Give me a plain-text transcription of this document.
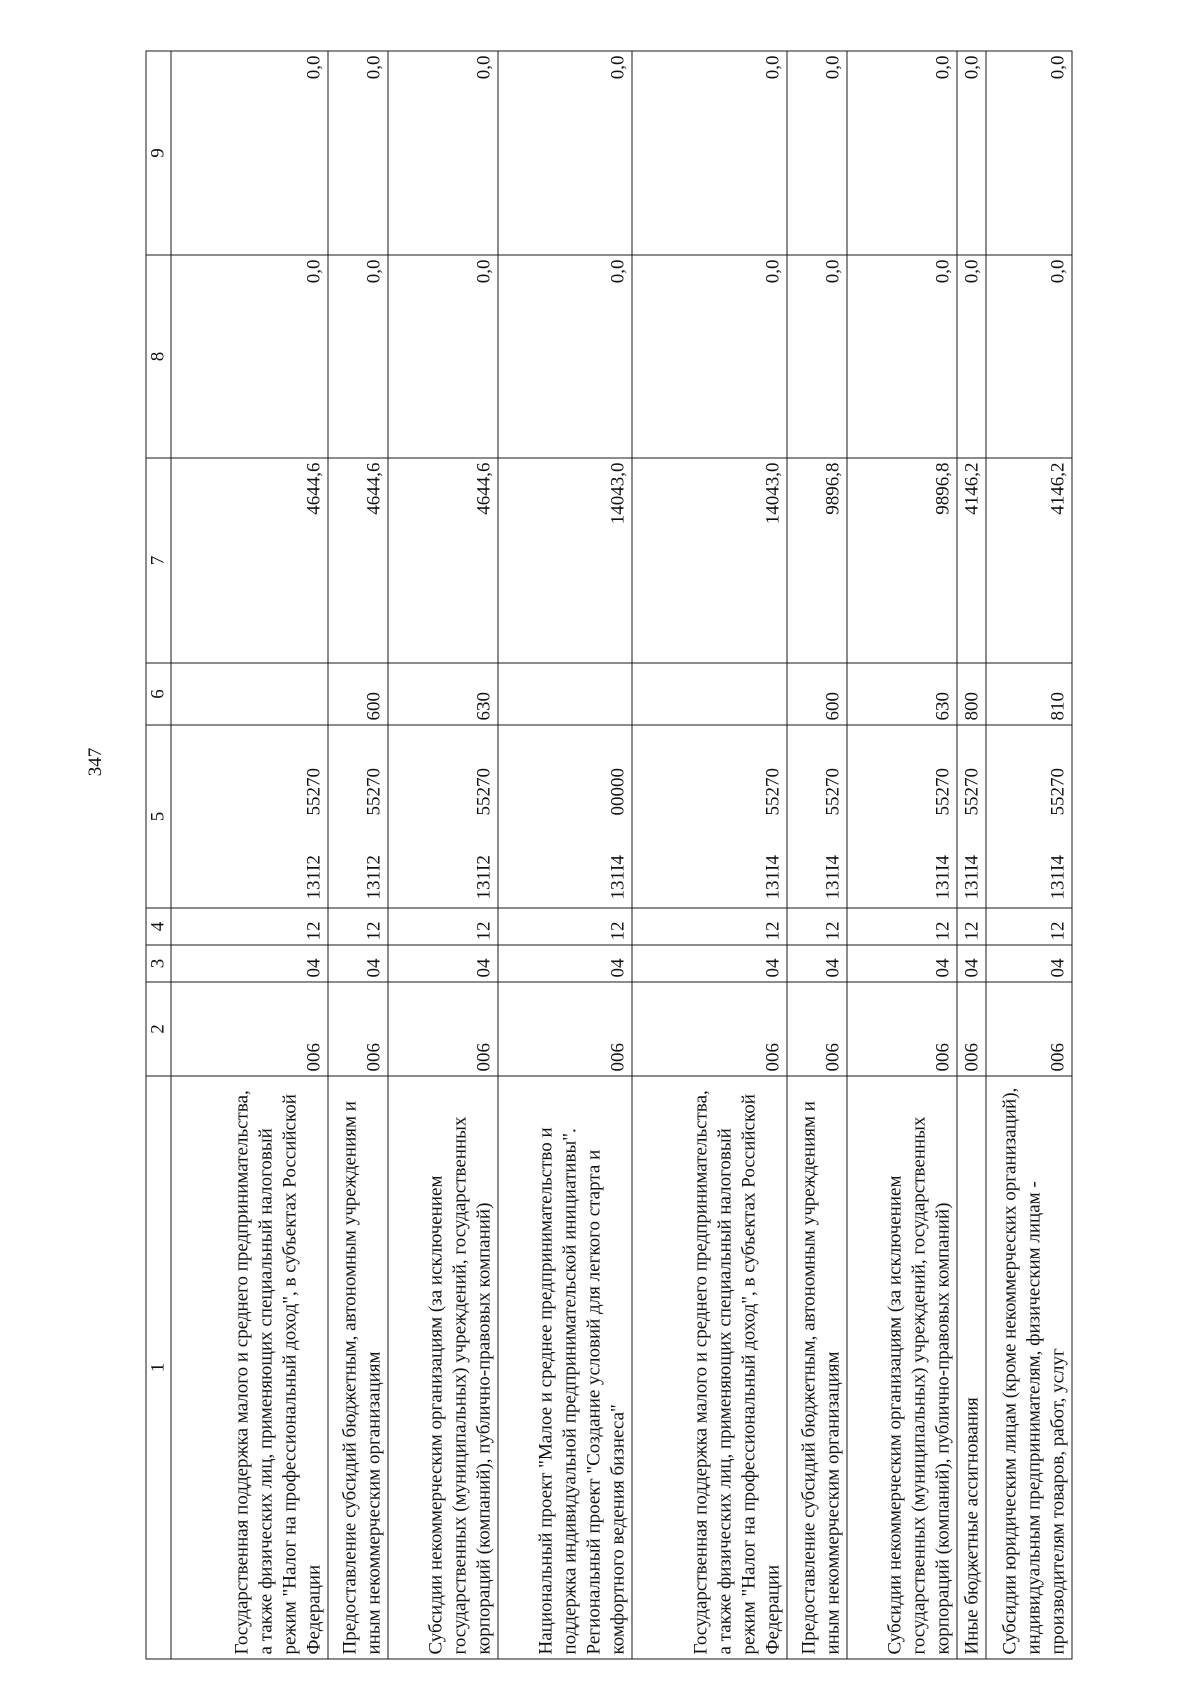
347
1	2	3	4	5	6	7	8	9
Государственная поддержка малого и среднего предпринимательства, а также физических лиц, применяющих специальный налоговый режим "Налог на профессиональный доход", в субъектах Российской Федерации	006	04	12	131I255270		4644,6	0,0	0,0
Предоставление субсидий бюджетным, автономным учреждениям и иным некоммерческим организациям	006	04	12	131I255270	600	4644,6	0,0	0,0
Субсидии некоммерческим организациям (за исключением государственных (муниципальных) учреждений, государственных корпораций (компаний), публично-правовых компаний)	006	04	12	131I255270	630	4644,6	0,0	0,0
Национальный проект "Малое и среднее предпринимательство и поддержка индивидуальной предпринимательской инициативы". Региональный проект "Создание условий для легкого старта и комфортного ведения бизнеса"	006	04	12	131I400000		14043,0	0,0	0,0
Государственная поддержка малого и среднего предпринимательства, а также физических лиц, применяющих специальный налоговый режим "Налог на профессиональный доход", в субъектах Российской Федерации	006	04	12	131I455270		14043,0	0,0	0,0
Предоставление субсидий бюджетным, автономным учреждениям и иным некоммерческим организациям	006	04	12	131I455270	600	9896,8	0,0	0,0
Субсидии некоммерческим организациям (за исключением государственных (муниципальных) учреждений, государственных корпораций (компаний), публично-правовых компаний)	006	04	12	131I455270	630	9896,8	0,0	0,0
Иные бюджетные ассигнования	006	04	12	131I455270	800	4146,2	0,0	0,0
Субсидии юридическим лицам (кроме некоммерческих организаций), индивидуальным предпринимателям, физическим лицам - производителям товаров, работ, услуг	006	04	12	131I455270	810	4146,2	0,0	0,0
